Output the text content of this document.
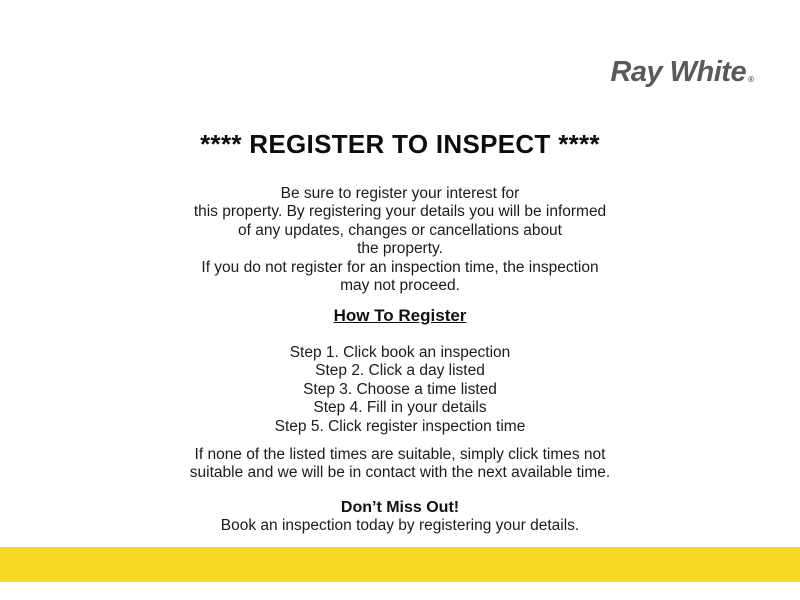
Ray White ®
**** REGISTER TO INSPECT ****
Be sure to register your interest for
this property. By registering your details you will be informed
of any updates, changes or cancellations about
the property.
If you do not register for an inspection time, the inspection
may not proceed.
How To Register
Step 1. Click book an inspection
Step 2. Click a day listed
Step 3. Choose a time listed
Step 4. Fill in your details
Step 5. Click register inspection time
If none of the listed times are suitable, simply click times not
suitable and we will be in contact with the next available time.
Don’t Miss Out!
Book an inspection today by registering your details.
